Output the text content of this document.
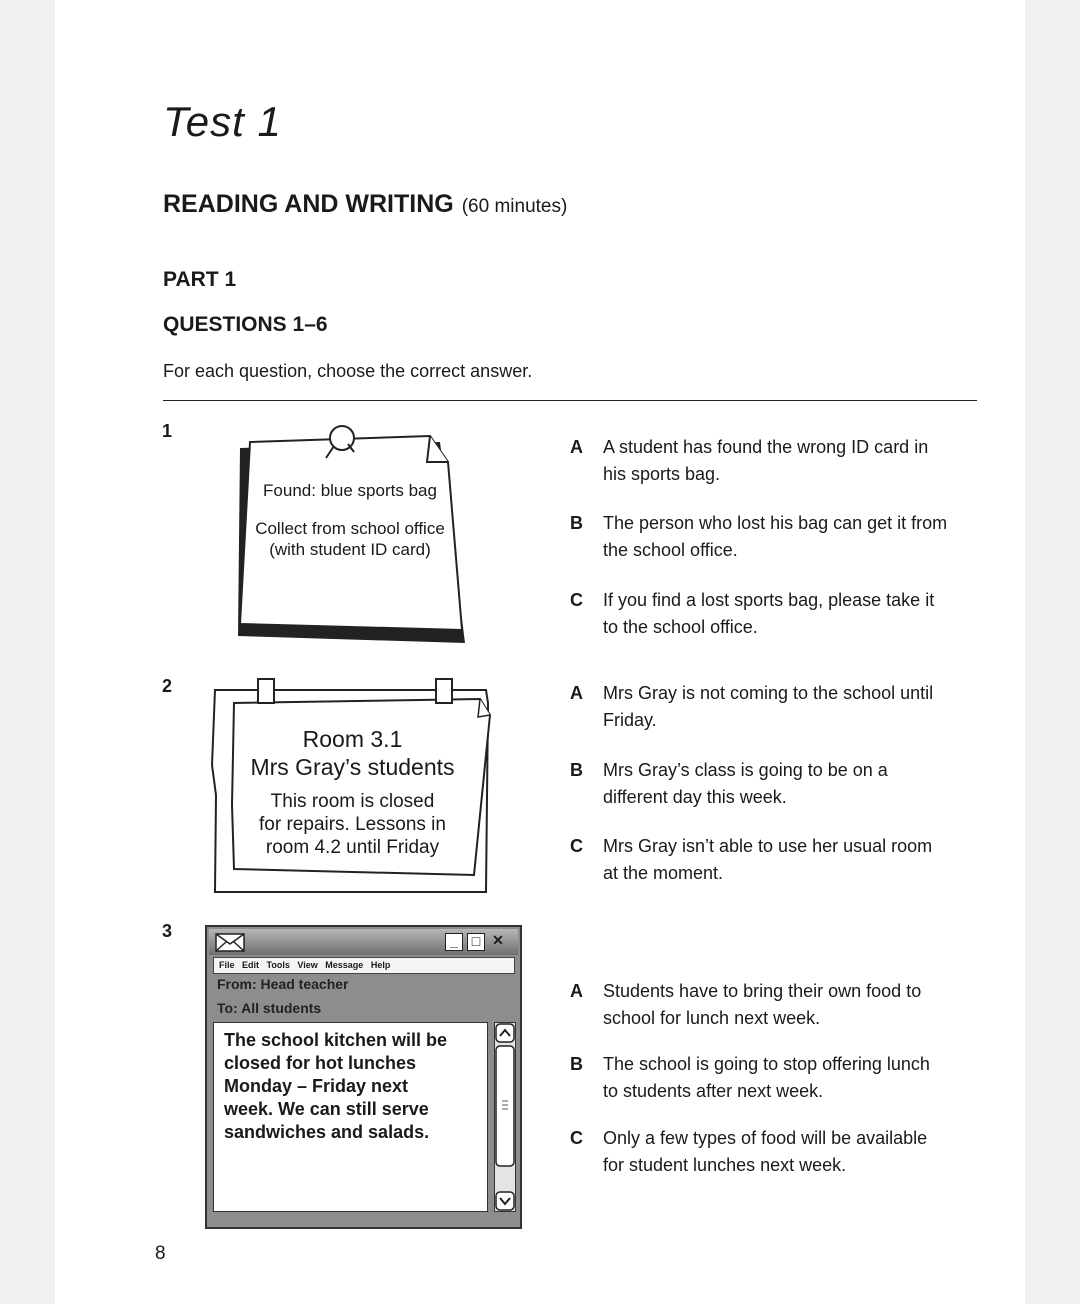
Test 1
READING AND WRITING (60 minutes)
PART 1
QUESTIONS 1–6
For each question, choose the correct answer.
1
Found: blue sports bag
Collect from school office
(with student ID card)
A A student has found the wrong ID card in his sports bag.
B The person who lost his bag can get it from the school office.
C If you find a lost sports bag, please take it to the school office.
2
Room 3.1
Mrs Gray’s students
This room is closed
for repairs. Lessons in
room 4.2 until Friday
A Mrs Gray is not coming to the school until Friday.
B Mrs Gray’s class is going to be on a different day this week.
C Mrs Gray isn’t able to use her usual room at the moment.
3	_ □ ✕
File Edit Tools View Message Help
From: Head teacher
To: All students
The school kitchen will be
closed for hot lunches
Monday – Friday next
week. We can still serve
sandwiches and salads.
A Students have to bring their own food to school for lunch next week.
B The school is going to stop offering lunch to students after next week.
C Only a few types of food will be available for student lunches next week.
8
